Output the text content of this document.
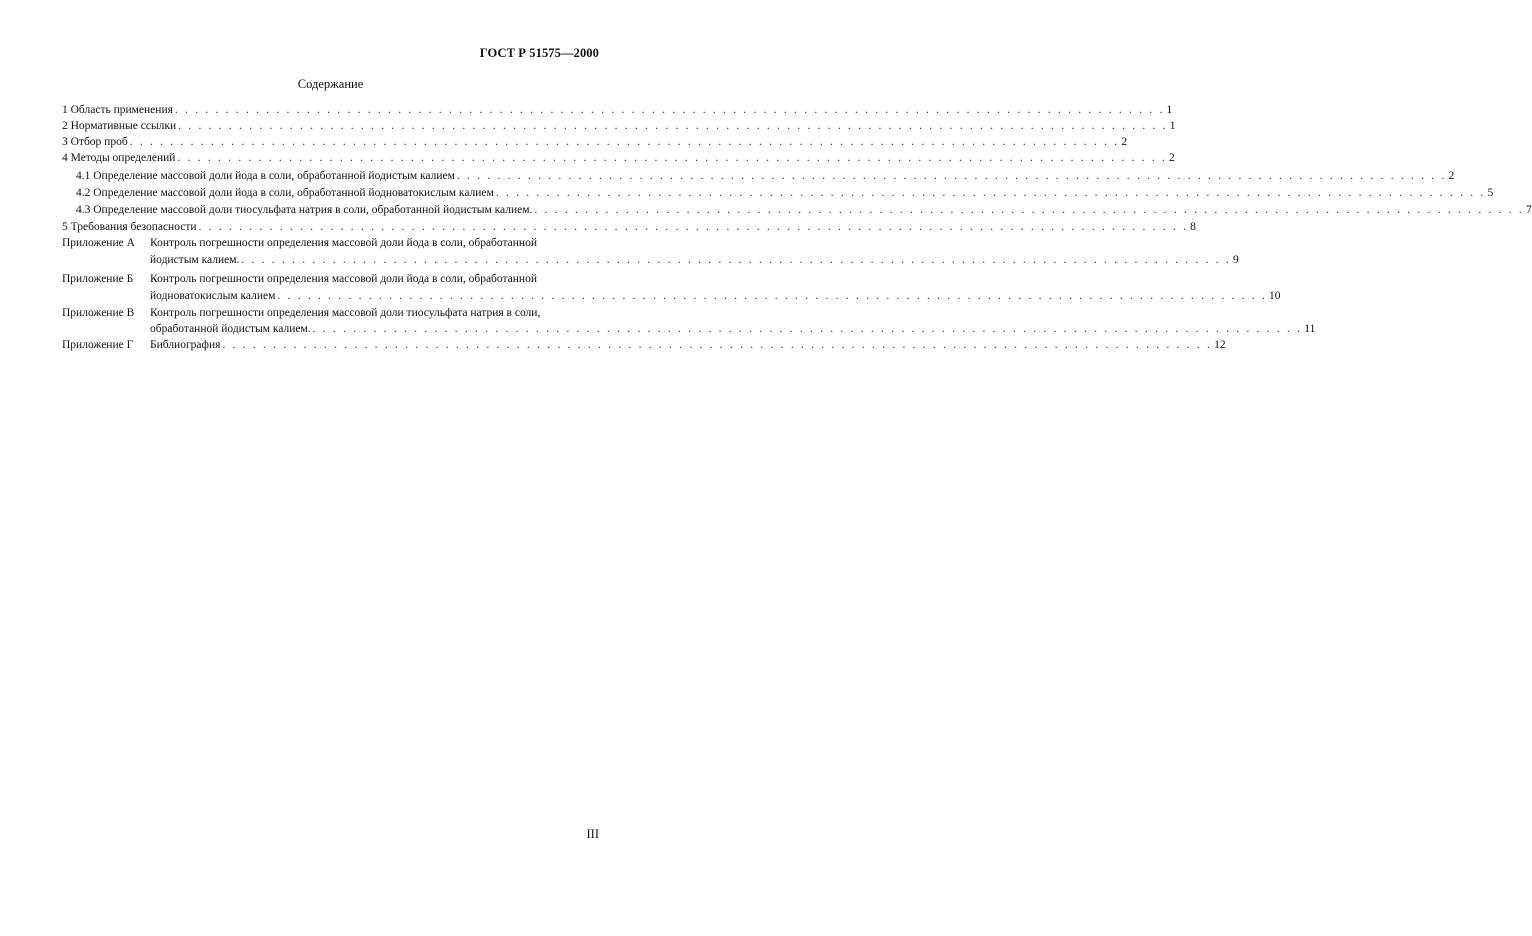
ГОСТ Р 51575—2000
Содержание
1 Область применения . . . . . . . . . . . . . . . . . . . . . . . . . . . . . . . . . . . . . . . . . . . . . . . . . . . . . . . . . . . . . . . . . . . . . . . . . . . . . . . . . . . . . . . . . . . . . . . . . . 1
2 Нормативные ссылки . . . . . . . . . . . . . . . . . . . . . . . . . . . . . . . . . . . . . . . . . . . . . . . . . . . . . . . . . . . . . . . . . . . . . . . . . . . . . . . . . . . . . . . . . . . . . . . . . . 1
3 Отбор проб . . . . . . . . . . . . . . . . . . . . . . . . . . . . . . . . . . . . . . . . . . . . . . . . . . . . . . . . . . . . . . . . . . . . . . . . . . . . . . . . . . . . . . . . . . . . . . . . . . 2
4 Методы определений . . . . . . . . . . . . . . . . . . . . . . . . . . . . . . . . . . . . . . . . . . . . . . . . . . . . . . . . . . . . . . . . . . . . . . . . . . . . . . . . . . . . . . . . . . . . . . . . . . 2
4.1 Определение массовой доли йода в соли, обработанной йодистым калием . . . . . . . . . . . . . . . . . . . . . . . . . . . . . . . . . . . . . . . . . . . . . . . . . . . . . . . . . . . . . . . . . . . . . . . . . . . . . . . . . . . . . . . . . . . . . . . . . . 2
4.2 Определение массовой доли йода в соли, обработанной йодноватокислым калием . . . . . . . . . . . . . . . . . . . . . . . . . . . . . . . . . . . . . . . . . . . . . . . . . . . . . . . . . . . . . . . . . . . . . . . . . . . . . . . . . . . . . . . . . . . . . . . . . . 5
4.3 Определение массовой доли тиосульфата натрия в соли, обработанной йодистым калием. . . . . . . . . . . . . . . . . . . . . . . . . . . . . . . . . . . . . . . . . . . . . . . . . . . . . . . . . . . . . . . . . . . . . . . . . . . . . . . . . . . . . . . . . . . . . . . . . . . 7
5 Требования безопасности . . . . . . . . . . . . . . . . . . . . . . . . . . . . . . . . . . . . . . . . . . . . . . . . . . . . . . . . . . . . . . . . . . . . . . . . . . . . . . . . . . . . . . . . . . . . . . . . . . 8
Приложение А Контроль погрешности определения массовой доли йода в соли, обработанной
йодистым калием. . . . . . . . . . . . . . . . . . . . . . . . . . . . . . . . . . . . . . . . . . . . . . . . . . . . . . . . . . . . . . . . . . . . . . . . . . . . . . . . . . . . . . . . . . . . . . . . . . . 9
Приложение Б Контроль погрешности определения массовой доли йода в соли, обработанной
йодноватокислым калием . . . . . . . . . . . . . . . . . . . . . . . . . . . . . . . . . . . . . . . . . . . . . . . . . . . . . . . . . . . . . . . . . . . . . . . . . . . . . . . . . . . . . . . . . . . . . . . . . . 10
Приложение В Контроль погрешности определения массовой доли тиосульфата натрия в соли,
обработанной йодистым калием. . . . . . . . . . . . . . . . . . . . . . . . . . . . . . . . . . . . . . . . . . . . . . . . . . . . . . . . . . . . . . . . . . . . . . . . . . . . . . . . . . . . . . . . . . . . . . . . . . . 11
Приложение Г Библиография . . . . . . . . . . . . . . . . . . . . . . . . . . . . . . . . . . . . . . . . . . . . . . . . . . . . . . . . . . . . . . . . . . . . . . . . . . . . . . . . . . . . . . . . . . . . . . . . . . 12
III
